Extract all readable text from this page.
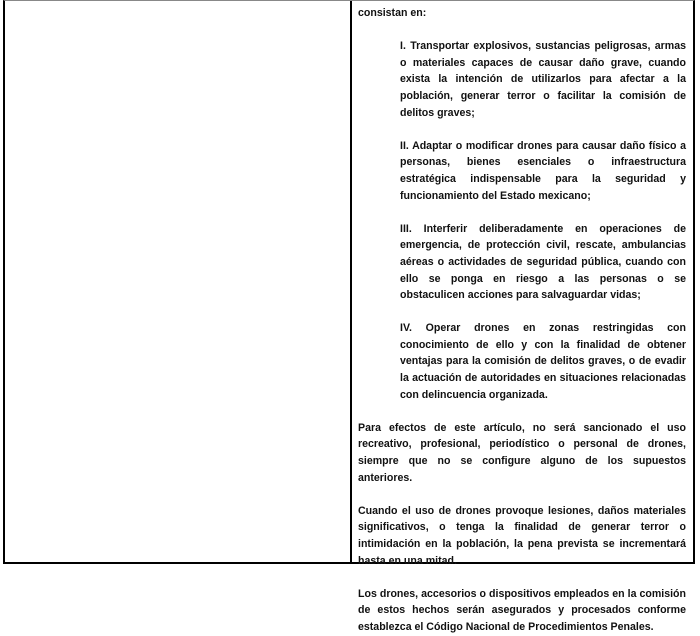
consistan en:

I. Transportar explosivos, sustancias peligrosas, armas o materiales capaces de causar daño grave, cuando exista la intención de utilizarlos para afectar a la población, generar terror o facilitar la comisión de delitos graves;

II. Adaptar o modificar drones para causar daño físico a personas, bienes esenciales o infraestructura estratégica indispensable para la seguridad y funcionamiento del Estado mexicano;

III. Interferir deliberadamente en operaciones de emergencia, de protección civil, rescate, ambulancias aéreas o actividades de seguridad pública, cuando con ello se ponga en riesgo a las personas o se obstaculicen acciones para salvaguardar vidas;

IV. Operar drones en zonas restringidas con conocimiento de ello y con la finalidad de obtener ventajas para la comisión de delitos graves, o de evadir la actuación de autoridades en situaciones relacionadas con delincuencia organizada.

Para efectos de este artículo, no será sancionado el uso recreativo, profesional, periodístico o personal de drones, siempre que no se configure alguno de los supuestos anteriores.

Cuando el uso de drones provoque lesiones, daños materiales significativos, o tenga la finalidad de generar terror o intimidación en la población, la pena prevista se incrementará hasta en una mitad.

Los drones, accesorios o dispositivos empleados en la comisión de estos hechos serán asegurados y procesados conforme establezca el Código Nacional de Procedimientos Penales.
